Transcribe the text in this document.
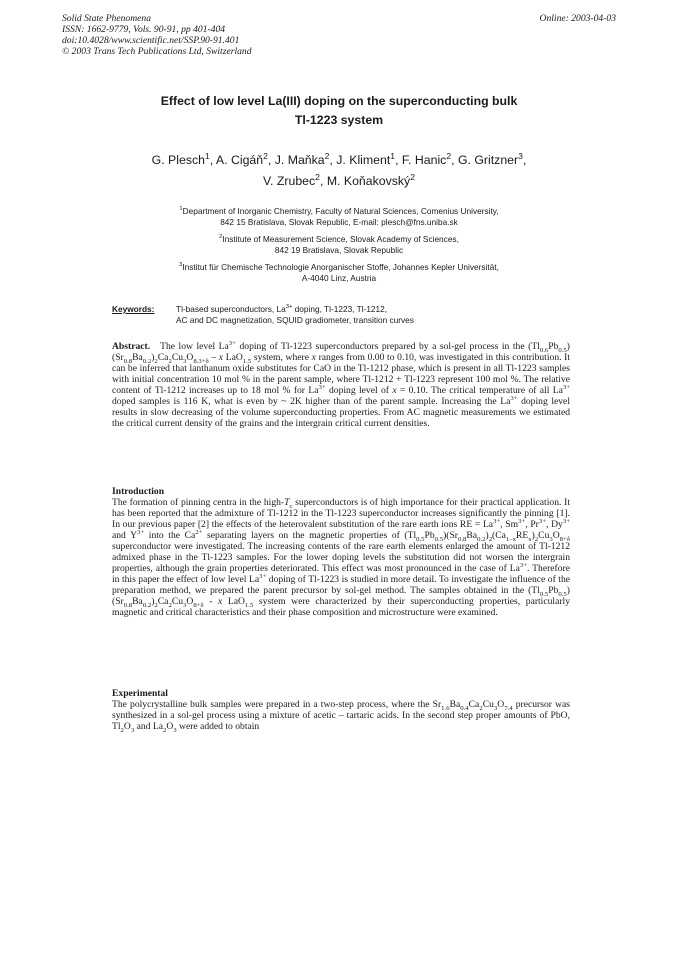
Solid State Phenomena
ISSN: 1662-9779, Vols. 90-91, pp 401-404
doi:10.4028/www.scientific.net/SSP.90-91.401
© 2003 Trans Tech Publications Ltd, Switzerland
Online: 2003-04-03
Effect of low level La(III) doping on the superconducting bulk
Tl-1223 system
G. Plesch$^1$, A. Cigáň$^2$, J. Maňka$^2$, J. Kliment$^1$, F. Hanic$^2$, G. Gritzner$^3$,
V. Zrubec$^2$, M. Koňakovský$^2$
$^1$Department of Inorganic Chemistry, Faculty of Natural Sciences, Comenius University,
842 15 Bratislava, Slovak Republic, E-mail: plesch@fns.uniba.sk
$^2$Institute of Measurement Science, Slovak Academy of Sciences,
842 19 Bratislava, Slovak Republic
$^3$Institut für Chemische Technologie Anorganischer Stoffe, Johannes Kepler Universität,
A-4040 Linz, Austria
Keywords:	Tl-based superconductors, $La^{3+}$ doping, Tl-1223, Tl-1212,
AC and DC magnetization, SQUID gradiometer, transition curves
Abstract. The low level $La^{3+}$ doping of Tl-1223 superconductors prepared by a sol-gel process in the $(Tl_{0.6}Pb_{0.5})(Sr_{0.8}Ba_{0.2})_2Ca_2Cu_3O_{8.3+\delta}$ – x LaO$_{1.5}$ system, where x ranges from 0.00 to 0.10, was investigated in this contribution. It can be inferred that lanthanum oxide substitutes for CaO in the Tl-1212 phase, which is present in all Tl-1223 samples with initial concentration 10 mol % in the parent sample, where Tl-1212 + Tl-1223 represent 100 mol %. The relative content of Tl-1212 increases up to 18 mol % for $La^{3+}$ doping level of x = 0.10. The critical temperature of all $La^{3+}$ doped samples is 116 K, what is even by ~ 2K higher than of the parent sample. Increasing the $La^{3+}$ doping level results in slow decreasing of the volume superconducting properties. From AC magnetic measurements we estimated the critical current density of the grains and the intergrain critical current densities.
Introduction
The formation of pinning centra in the high-$T_c$ superconductors is of high importance for their practical application. It has been reported that the admixture of Tl-1212 in the Tl-1223 superconductor increases significantly the pinning [1]. In our previous paper [2] the effects of the heterovalent substitution of the rare earth ions RE = $La^{3+}$, $Sm^{3+}$, $Pr^{3+}$, $Dy^{3+}$ and $Y^{3+}$ into the $Ca^{2+}$ separating layers on the magnetic properties of $(Tl_{0.5}Pb_{0.5})(Sr_{0.8}Ba_{0.2})_2(Ca_{1-x}RE_x)_2Cu_3O_{8+\delta}$ superconductor were investigated. The increasing contents of the rare earth elements enlarged the amount of Tl-1212 admixed phase in the Tl-1223 samples. For the lower doping levels the substitution did not worsen the intergrain properties, although the grain properties deteriorated. This effect was most pronounced in the case of $La^{3+}$. Therefore in this paper the effect of low level $La^{3+}$ doping of Tl-1223 is studied in more detail. To investigate the influence of the preparation method, we prepared the parent precursor by sol-gel method. The samples obtained in the $(Tl_{0.5}Pb_{0.5})(Sr_{0.8}Ba_{0.2})_2Ca_2Cu_3O_{8+\delta}$ - x LaO$_{1.5}$ system were characterized by their superconducting properties, particularly magnetic and critical characteristics and their phase composition and microstructure were examined.
Experimental
The polycrystalline bulk samples were prepared in a two-step process, where the $Sr_{1.6}Ba_{0.4}Ca_2Cu_3O_{7.4}$ precursor was synthesized in a sol-gel process using a mixture of acetic – tartaric acids. In the second step proper amounts of PbO, $Tl_2O_3$ and $La_2O_3$ were added to obtain
